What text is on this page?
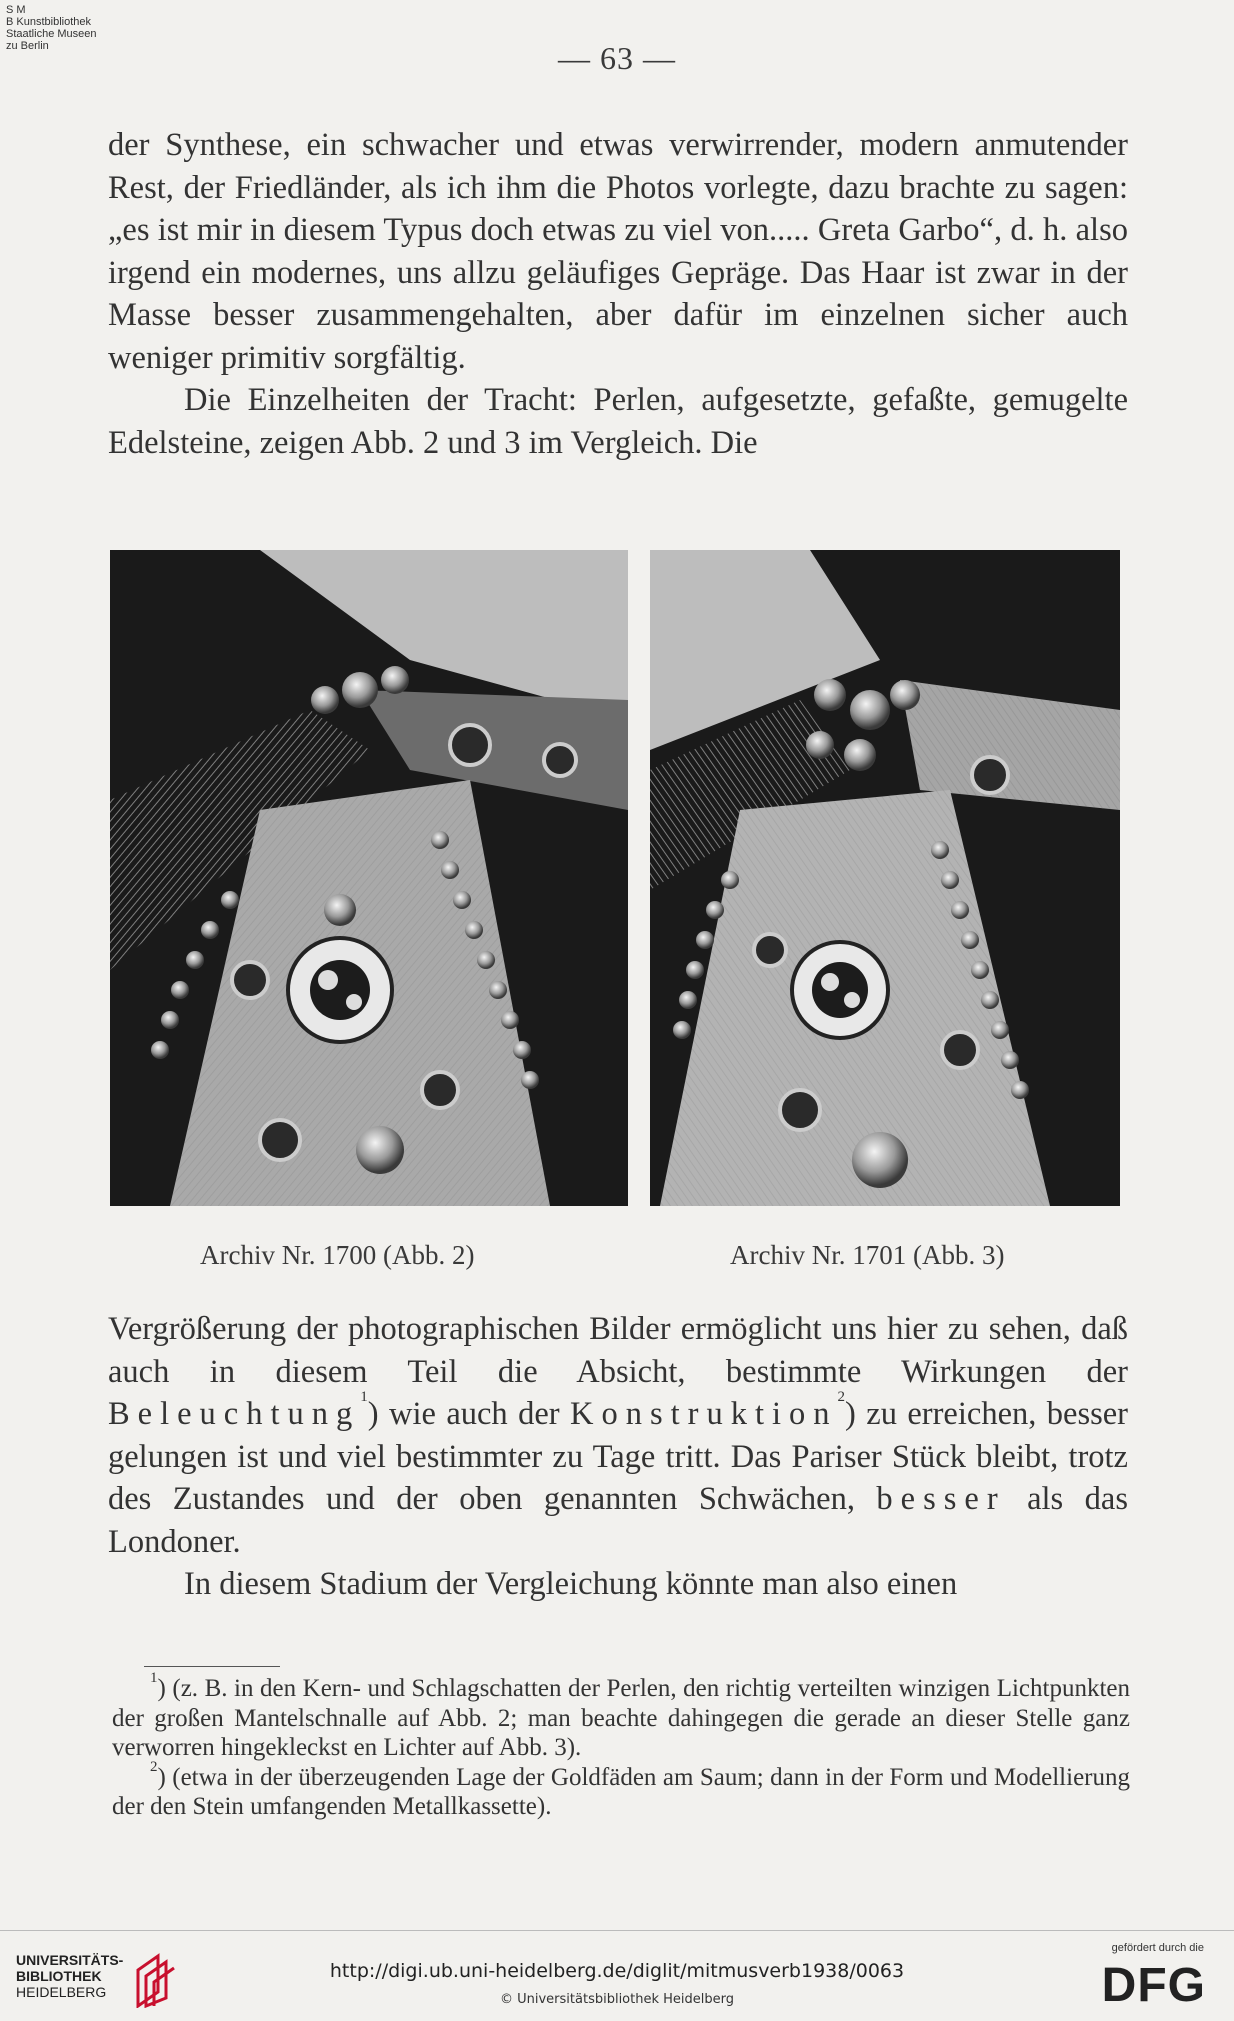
S M
B Kunstbibliothek
Staatliche Museen
zu Berlin	— 63 —

der Synthese, ein schwacher und etwas verwirrender, modern anmutender Rest, der Friedländer, als ich ihm die Photos vorlegte, dazu brachte zu sagen: „es ist mir in diesem Typus doch etwas zu viel von..... Greta Garbo“, d. h. also irgend ein modernes, uns allzu geläufiges Gepräge. Das Haar ist zwar in der Masse besser zusammengehalten, aber dafür im einzelnen sicher auch weniger primitiv sorgfältig.

Die Einzelheiten der Tracht: Perlen, aufgesetzte, gefaßte, gemugelte Edelsteine, zeigen Abb. 2 und 3 im Vergleich. Die

Archiv Nr. 1700 (Abb. 2)	Archiv Nr. 1701 (Abb. 3)

Vergrößerung der photographischen Bilder ermöglicht uns hier zu sehen, daß auch in diesem Teil die Absicht, bestimmte Wirkungen der Beleuchtung$^1$) wie auch der Konstruktion$^2$) zu erreichen, besser gelungen ist und viel bestimmter zu Tage tritt. Das Pariser Stück bleibt, trotz des Zustandes und der oben genannten Schwächen, besser als das Londoner.

In diesem Stadium der Vergleichung könnte man also einen

$^1$) (z. B. in den Kern- und Schlagschatten der Perlen, den richtig verteilten winzigen Lichtpunkten der großen Mantelschnalle auf Abb. 2; man beachte dahingegen die gerade an dieser Stelle ganz verworren hingekleckst en Lichter auf Abb. 3).

$^2$) (etwa in der überzeugenden Lage der Goldfäden am Saum; dann in der Form und Modellierung der den Stein umfangenden Metallkassette).

UNIVERSITÄTS-
BIBLIOTHEK
HEIDELBERG
http://digi.ub.uni-heidelberg.de/diglit/mitmusverb1938/0063
© Universitätsbibliothek Heidelberg
gefördert durch die
DFG
